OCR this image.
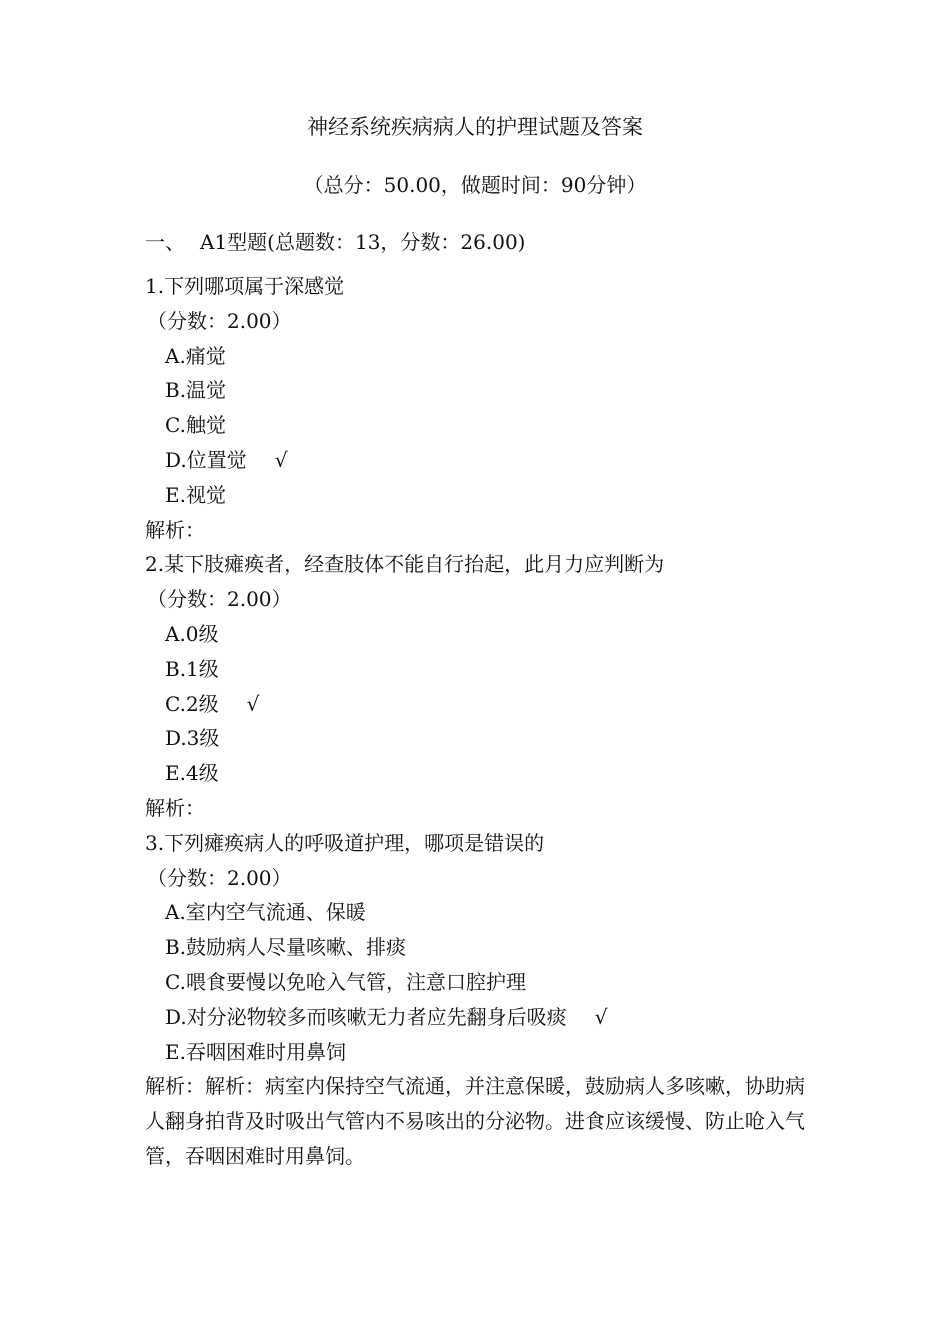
神经系统疾病病人的护理试题及答案
（总分：50.00，做题时间：90分钟）
一、 A1型题(总题数：13，分数：26.00)
1.下列哪项属于深感觉
（分数：2.00）
A.痛觉
B.温觉
C.触觉
D.位置觉 √
E.视觉
解析：
2.某下肢瘫痪者，经查肢体不能自行抬起，此月力应判断为
（分数：2.00）
A.0级
B.1级
C.2级 √
D.3级
E.4级
解析：
3.下列瘫痪病人的呼吸道护理，哪项是错误的
（分数：2.00）
A.室内空气流通、保暖
B.鼓励病人尽量咳嗽、排痰
C.喂食要慢以免呛入气管，注意口腔护理
D.对分泌物较多而咳嗽无力者应先翻身后吸痰 √
E.吞咽困难时用鼻饲
解析：解析：病室内保持空气流通，并注意保暖，鼓励病人多咳嗽，协助病人翻身拍背及时吸出气管内不易咳出的分泌物。进食应该缓慢、防止呛入气管，吞咽困难时用鼻饲。
